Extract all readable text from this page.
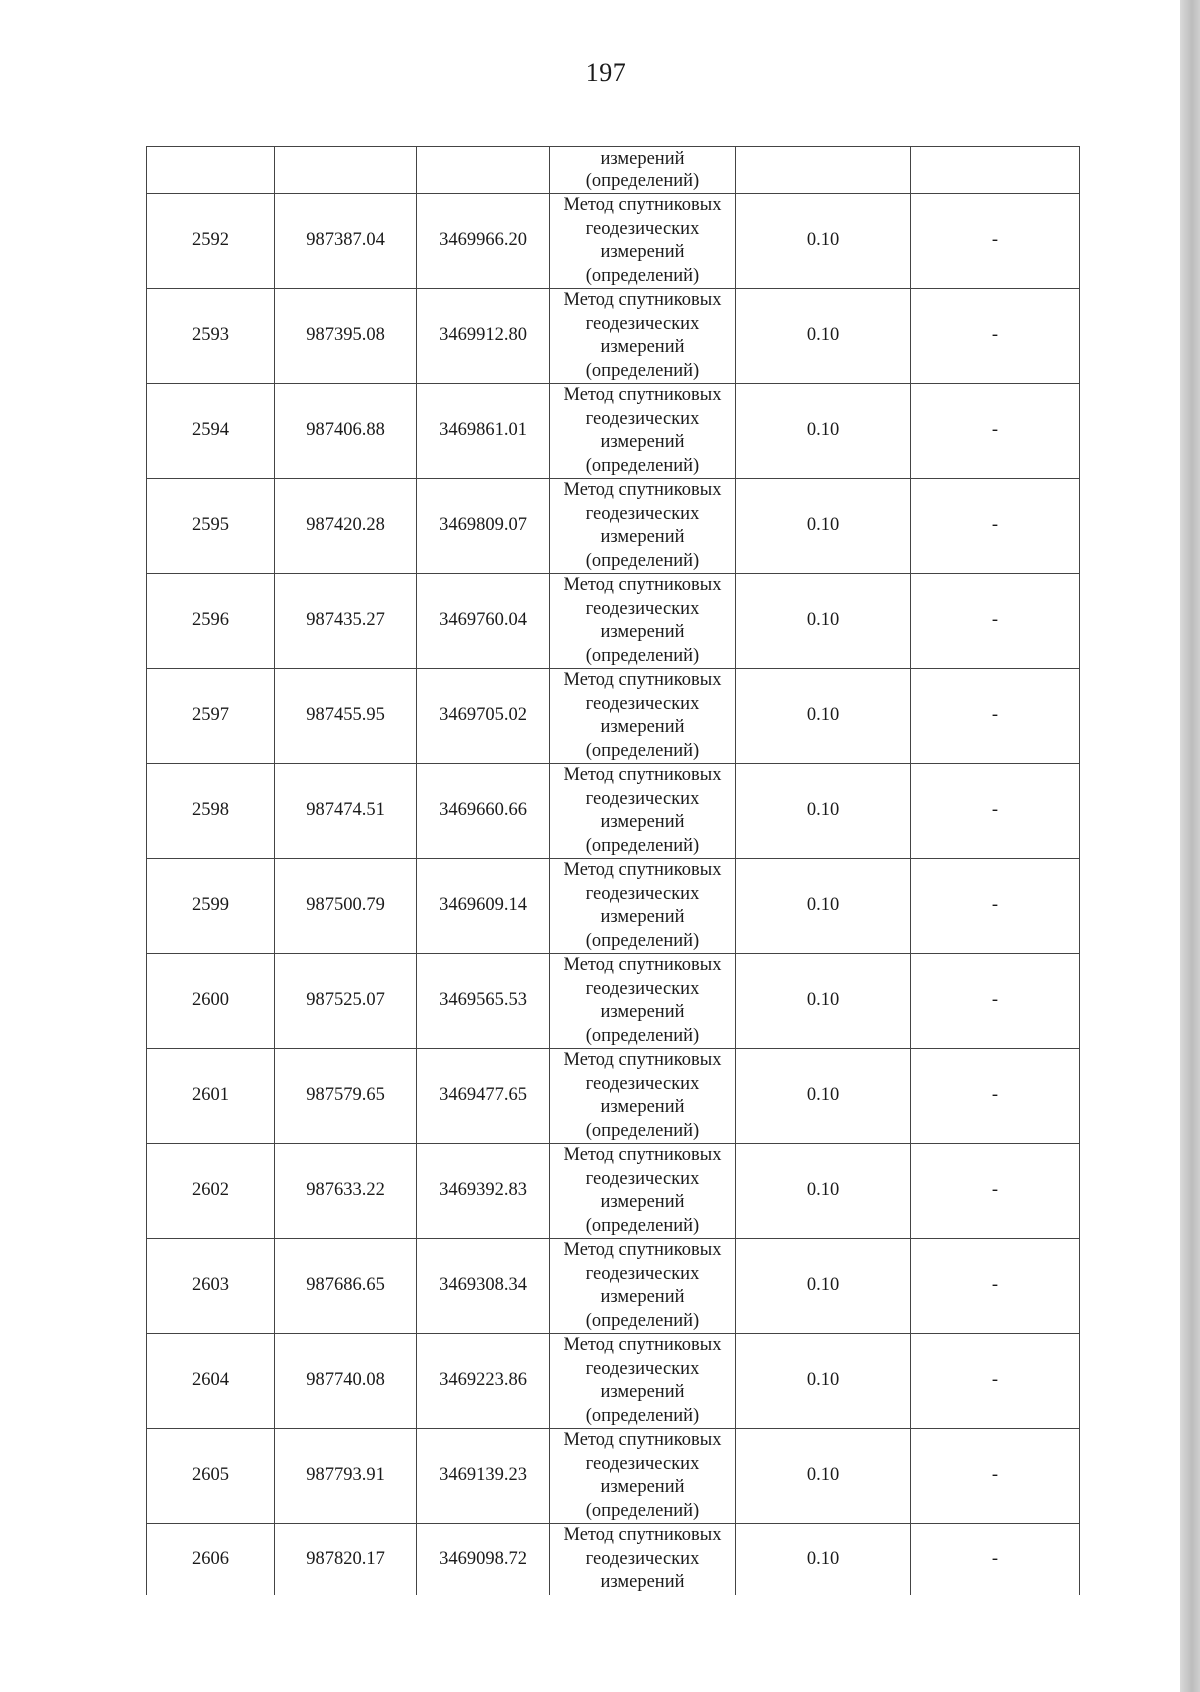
197

			измерений
(определений)		

2592	987387.04	3469966.20	Метод спутниковых
геодезических
измерений
(определений)	0.10	-
2593	987395.08	3469912.80	Метод спутниковых
геодезических
измерений
(определений)	0.10	-
2594	987406.88	3469861.01	Метод спутниковых
геодезических
измерений
(определений)	0.10	-
2595	987420.28	3469809.07	Метод спутниковых
геодезических
измерений
(определений)	0.10	-
2596	987435.27	3469760.04	Метод спутниковых
геодезических
измерений
(определений)	0.10	-
2597	987455.95	3469705.02	Метод спутниковых
геодезических
измерений
(определений)	0.10	-
2598	987474.51	3469660.66	Метод спутниковых
геодезических
измерений
(определений)	0.10	-
2599	987500.79	3469609.14	Метод спутниковых
геодезических
измерений
(определений)	0.10	-
2600	987525.07	3469565.53	Метод спутниковых
геодезических
измерений
(определений)	0.10	-
2601	987579.65	3469477.65	Метод спутниковых
геодезических
измерений
(определений)	0.10	-
2602	987633.22	3469392.83	Метод спутниковых
геодезических
измерений
(определений)	0.10	-
2603	987686.65	3469308.34	Метод спутниковых
геодезических
измерений
(определений)	0.10	-
2604	987740.08	3469223.86	Метод спутниковых
геодезических
измерений
(определений)	0.10	-
2605	987793.91	3469139.23	Метод спутниковых
геодезических
измерений
(определений)	0.10	-
2606	987820.17	3469098.72	Метод спутниковых
геодезических
измерений	0.10	-
